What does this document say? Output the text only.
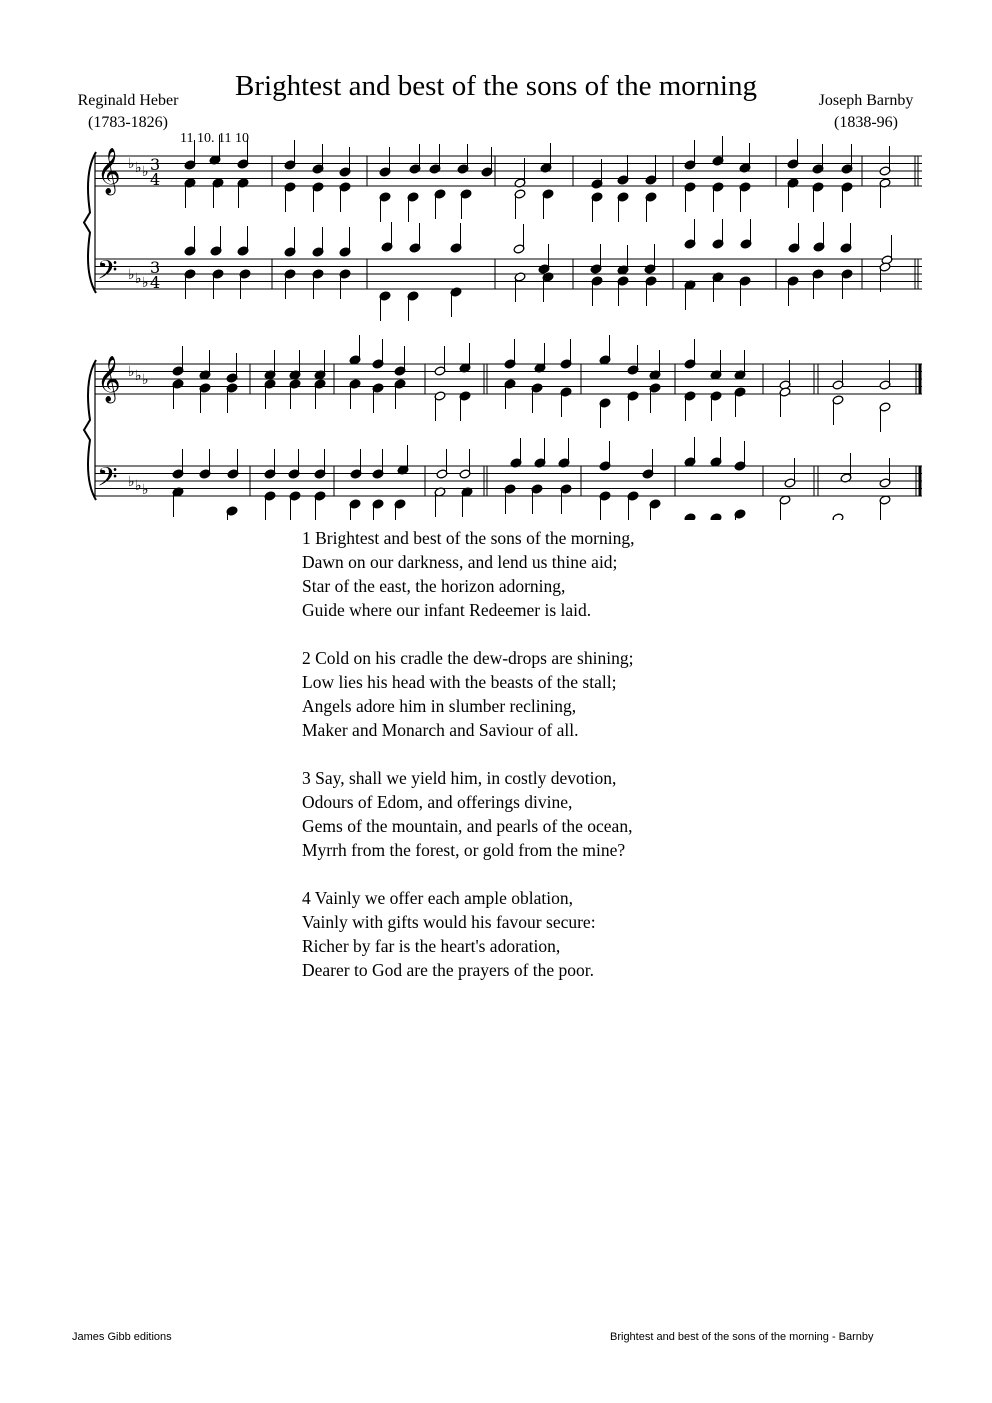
Brightest and best of the sons of the morning
Reginald Heber
(1783-1826)
Joseph Barnby
(1838-96)
11 10. 11 10
𝄞
𝄢
♭
♭
♭
♭
♭
♭
3
4
3
4
𝄞
𝄢
♭
♭
♭
♭
♭
♭
1 Brightest and best of the sons of the morning,
Dawn on our darkness, and lend us thine aid;
Star of the east, the horizon adorning,
Guide where our infant Redeemer is laid.
2 Cold on his cradle the dew-drops are shining;
Low lies his head with the beasts of the stall;
Angels adore him in slumber reclining,
Maker and Monarch and Saviour of all.
3 Say, shall we yield him, in costly devotion,
Odours of Edom, and offerings divine,
Gems of the mountain, and pearls of the ocean,
Myrrh from the forest, or gold from the mine?
4 Vainly we offer each ample oblation,
Vainly with gifts would his favour secure:
Richer by far is the heart's adoration,
Dearer to God are the prayers of the poor.
James Gibb editions	Brightest and best of the sons of the morning - Barnby
